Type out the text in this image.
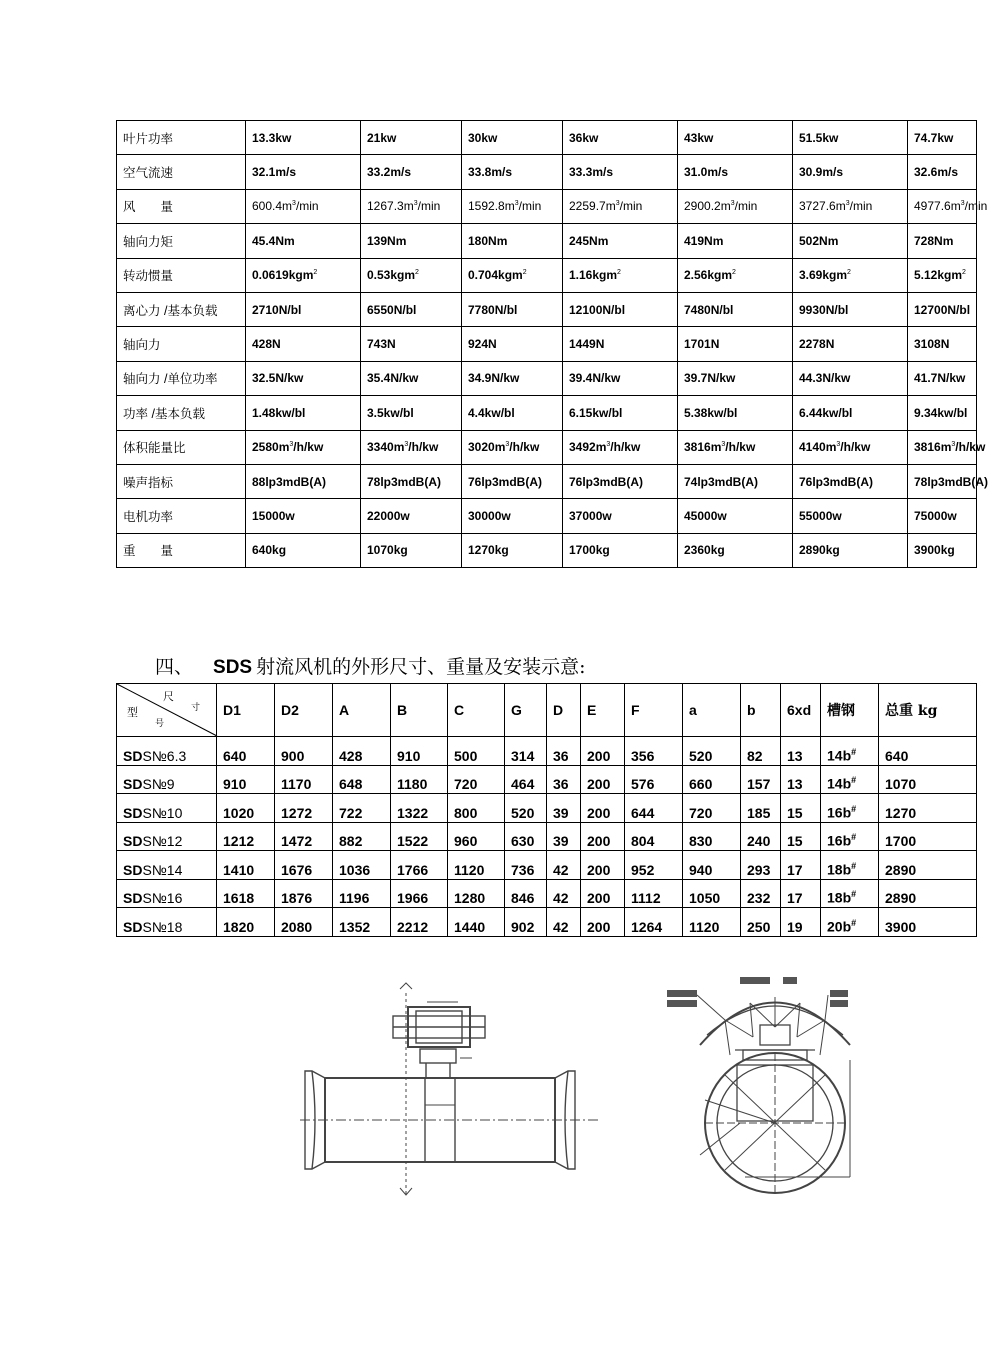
叶片功率	13.3kw	21kw	30kw	36kw	43kw	51.5kw	74.7kw
空气流速	32.1m/s	33.2m/s	33.8m/s	33.3m/s	31.0m/s	30.9m/s	32.6m/s
风　　量	$600.4m^3/\min$	$1267.3m^3/\min$	$1592.8m^3/\min$	$2259.7m^3/\min$	$2900.2m^3/\min$	$3727.6m^3/\min$	$4977.6m^3/\min$
轴向力矩	45.4Nm	139Nm	180Nm	245Nm	419Nm	502Nm	728Nm
转动惯量	0.0619kgm$^2$	0.53kgm$^2$	0.704kgm$^2$	1.16kgm$^2$	2.56kgm$^2$	3.69kgm$^2$	5.12kgm$^2$
离心力 /基本负载	2710N/bl	6550N/bl	7780N/bl	12100N/bl	7480N/bl	9930N/bl	12700N/bl
轴向力	428N	743N	924N	1449N	1701N	2278N	3108N
轴向力 /单位功率	32.5N/kw	35.4N/kw	34.9N/kw	39.4N/kw	39.7N/kw	44.3N/kw	41.7N/kw
功率 /基本负载	1.48kw/bl	3.5kw/bl	4.4kw/bl	6.15kw/bl	5.38kw/bl	6.44kw/bl	9.34kw/bl
体积能量比	$2580m^3/h/kw$	$3340m^3/h/kw$	$3020m^3/h/kw$	$3492m^3/h/kw$	$3816m^3/h/kw$	$4140m^3/h/kw$	$3816m^3/h/kw$
噪声指标	88lp3mdB(A)	78lp3mdB(A)	76lp3mdB(A)	76lp3mdB(A)	74lp3mdB(A)	76lp3mdB(A)	78lp3mdB(A)
电机功率	15000w	22000w	30000w	37000w	45000w	55000w	75000w
重　　量	640kg	1070kg	1270kg	1700kg	2360kg	2890kg	3900kg
四、 SDS 射流风机的外形尺寸、重量及安装示意:
尺
寸
型
号	D1	D2	A	B	C	G	D	E	F	a	b	6xd	槽钢	总重 kg
SDS№6.3	640	900	428	910	500	314	36	200	356	520	82	13	14b#	640
SDS№9	910	1170	648	1180	720	464	36	200	576	660	157	13	14b#	1070
SDS№10	1020	1272	722	1322	800	520	39	200	644	720	185	15	16b#	1270
SDS№12	1212	1472	882	1522	960	630	39	200	804	830	240	15	16b#	1700
SDS№14	1410	1676	1036	1766	1120	736	42	200	952	940	293	17	18b#	2890
SDS№16	1618	1876	1196	1966	1280	846	42	200	1112	1050	232	17	18b#	2890
SDS№18	1820	2080	1352	2212	1440	902	42	200	1264	1120	250	19	20b#	3900
